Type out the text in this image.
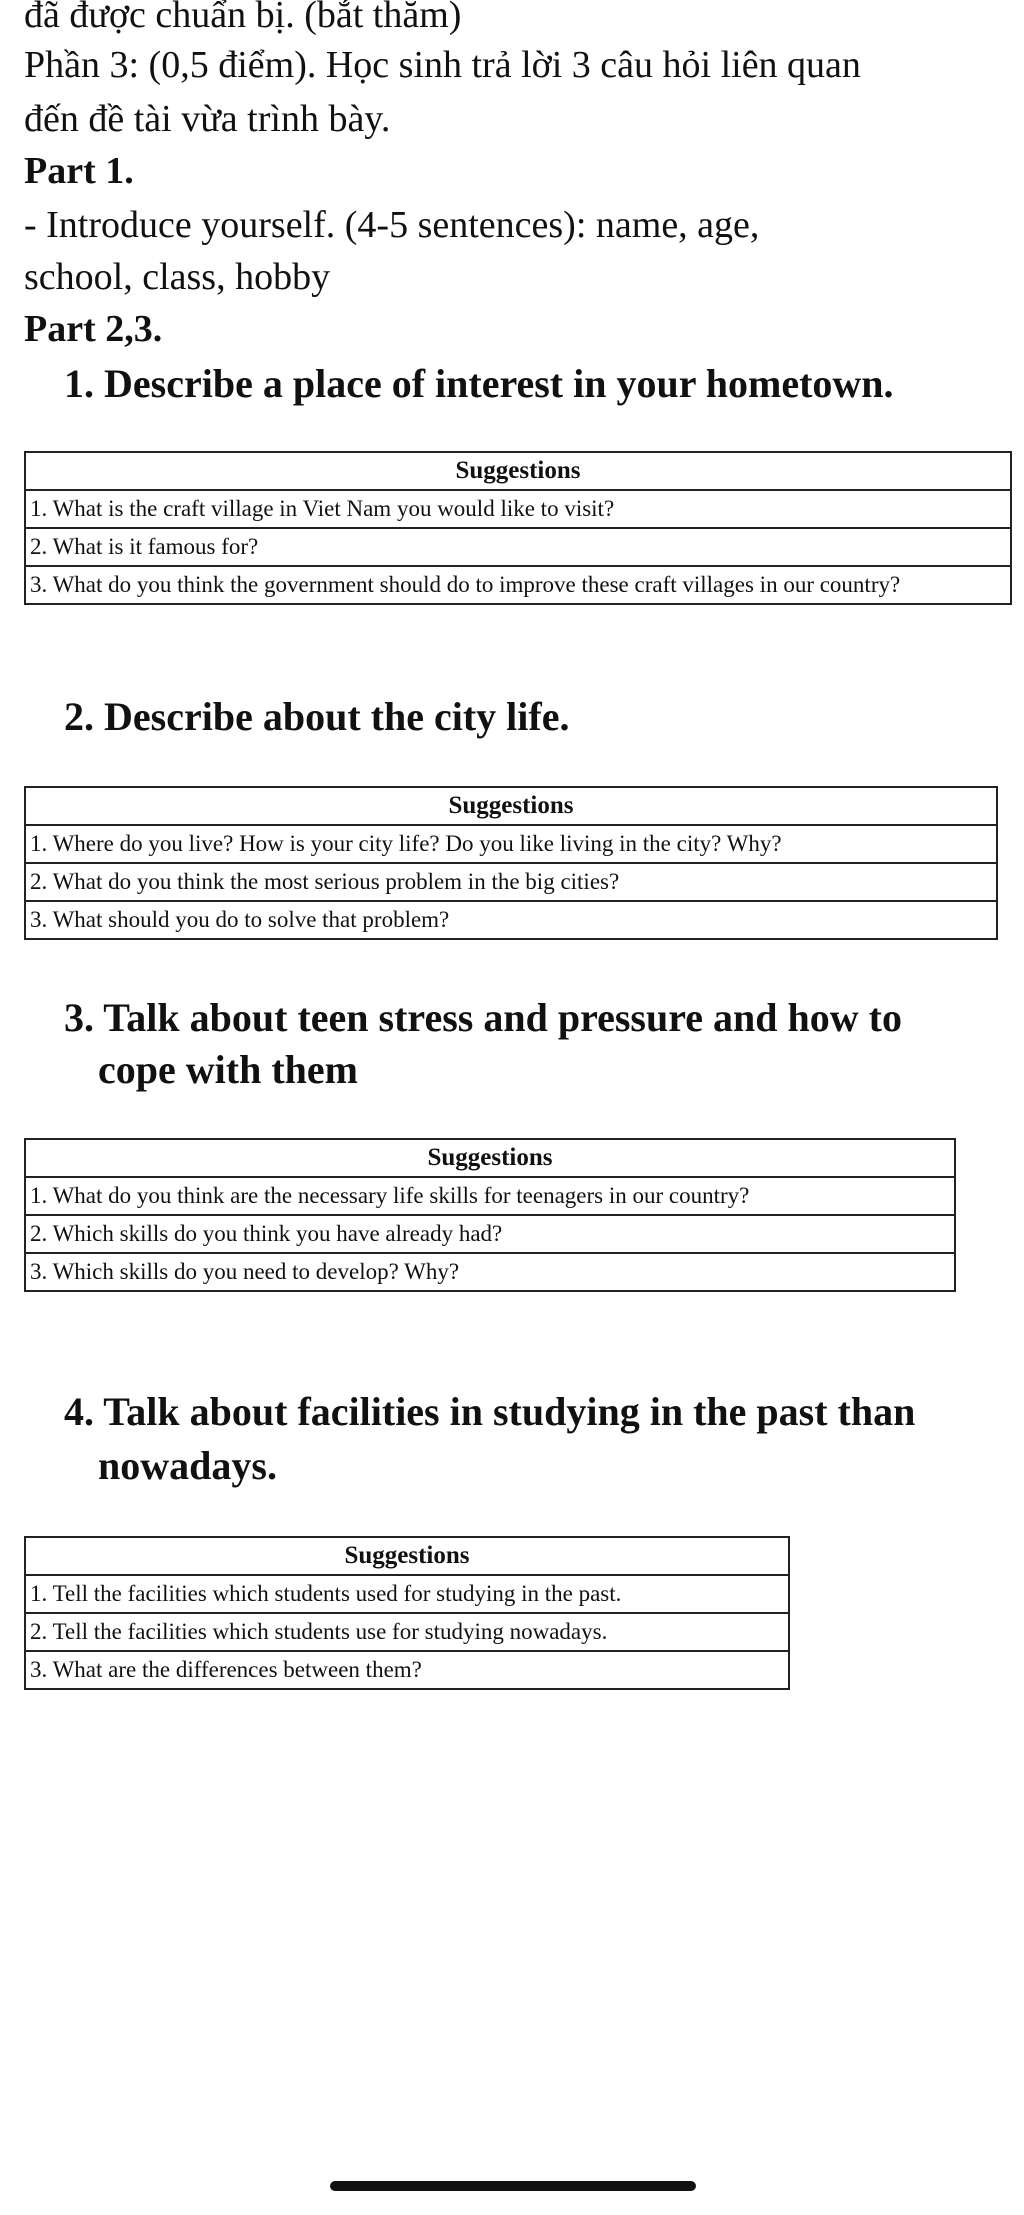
đã được chuẩn bị. (bắt thăm)
Phần 3: (0,5 điểm). Học sinh trả lời 3 câu hỏi liên quan
đến đề tài vừa trình bày.
Part 1.
- Introduce yourself. (4-5 sentences): name, age,
school, class, hobby
Part 2,3.
1. Describe a place of interest in your hometown.
Suggestions
1. What is the craft village in Viet Nam you would like to visit?
2. What is it famous for?
3. What do you think the government should do to improve these craft villages in our country?
2. Describe about the city life.
Suggestions
1. Where do you live? How is your city life? Do you like living in the city? Why?
2. What do you think the most serious problem in the big cities?
3. What should you do to solve that problem?
3. Talk about teen stress and pressure and how to
cope with them
Suggestions
1. What do you think are the necessary life skills for teenagers in our country?
2. Which skills do you think you have already had?
3. Which skills do you need to develop? Why?
4. Talk about facilities in studying in the past than
nowadays.
Suggestions
1. Tell the facilities which students used for studying in the past.
2. Tell the facilities which students use for studying nowadays.
3. What are the differences between them?
